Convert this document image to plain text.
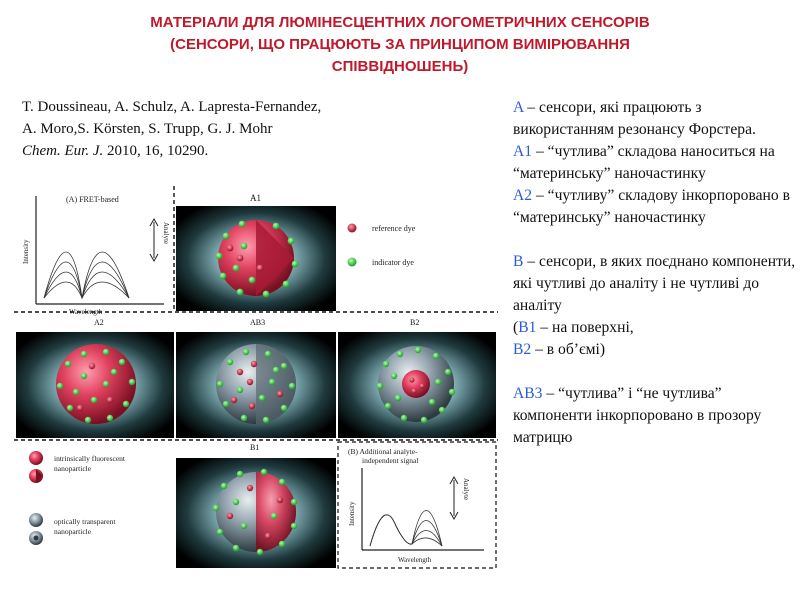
МАТЕРІАЛИ ДЛЯ ЛЮМІНЕСЦЕНТНИХ ЛОГОМЕТРИЧНИХ СЕНСОРІВ
(СЕНСОРИ, ЩО ПРАЦЮЮТЬ ЗА ПРИНЦИПОМ ВИМІРЮВАННЯ
СПІВВІДНОШЕНЬ)
T. Doussineau, A. Schulz, A. Lapresta-Fernandez,
A. Moro,S. Körsten, S. Trupp, G. J. Mohr
Chem. Eur. J. 2010, 16, 10290.

A – сенсори, які працюють з використанням резонансу Форстера.

A1 – “чутлива” складова наноситься на “материнську” наночастинку

A2 – “чутливу” складову інкорпоровано в “материнську” наночастинку

B – сенсори, в яких поєднано компоненти, які чутливі до аналіту і не чутливі до аналіту

(B1 – на поверхні,

B2 – в об’ємі)

AB3 – “чутлива” і “не чутлива” компоненти інкорпоровано в прозору матрицю

(A) FRET-based
Intensity
Wavelength
Analyte
A1
reference dye
indicator dye
A2	AB3	B2
intrinsically fluorescent
nanoparticle
optically transparent
nanoparticle
B1	(B) Additional analyte-
independent signal
Intensity
Wavelength
Analyte
